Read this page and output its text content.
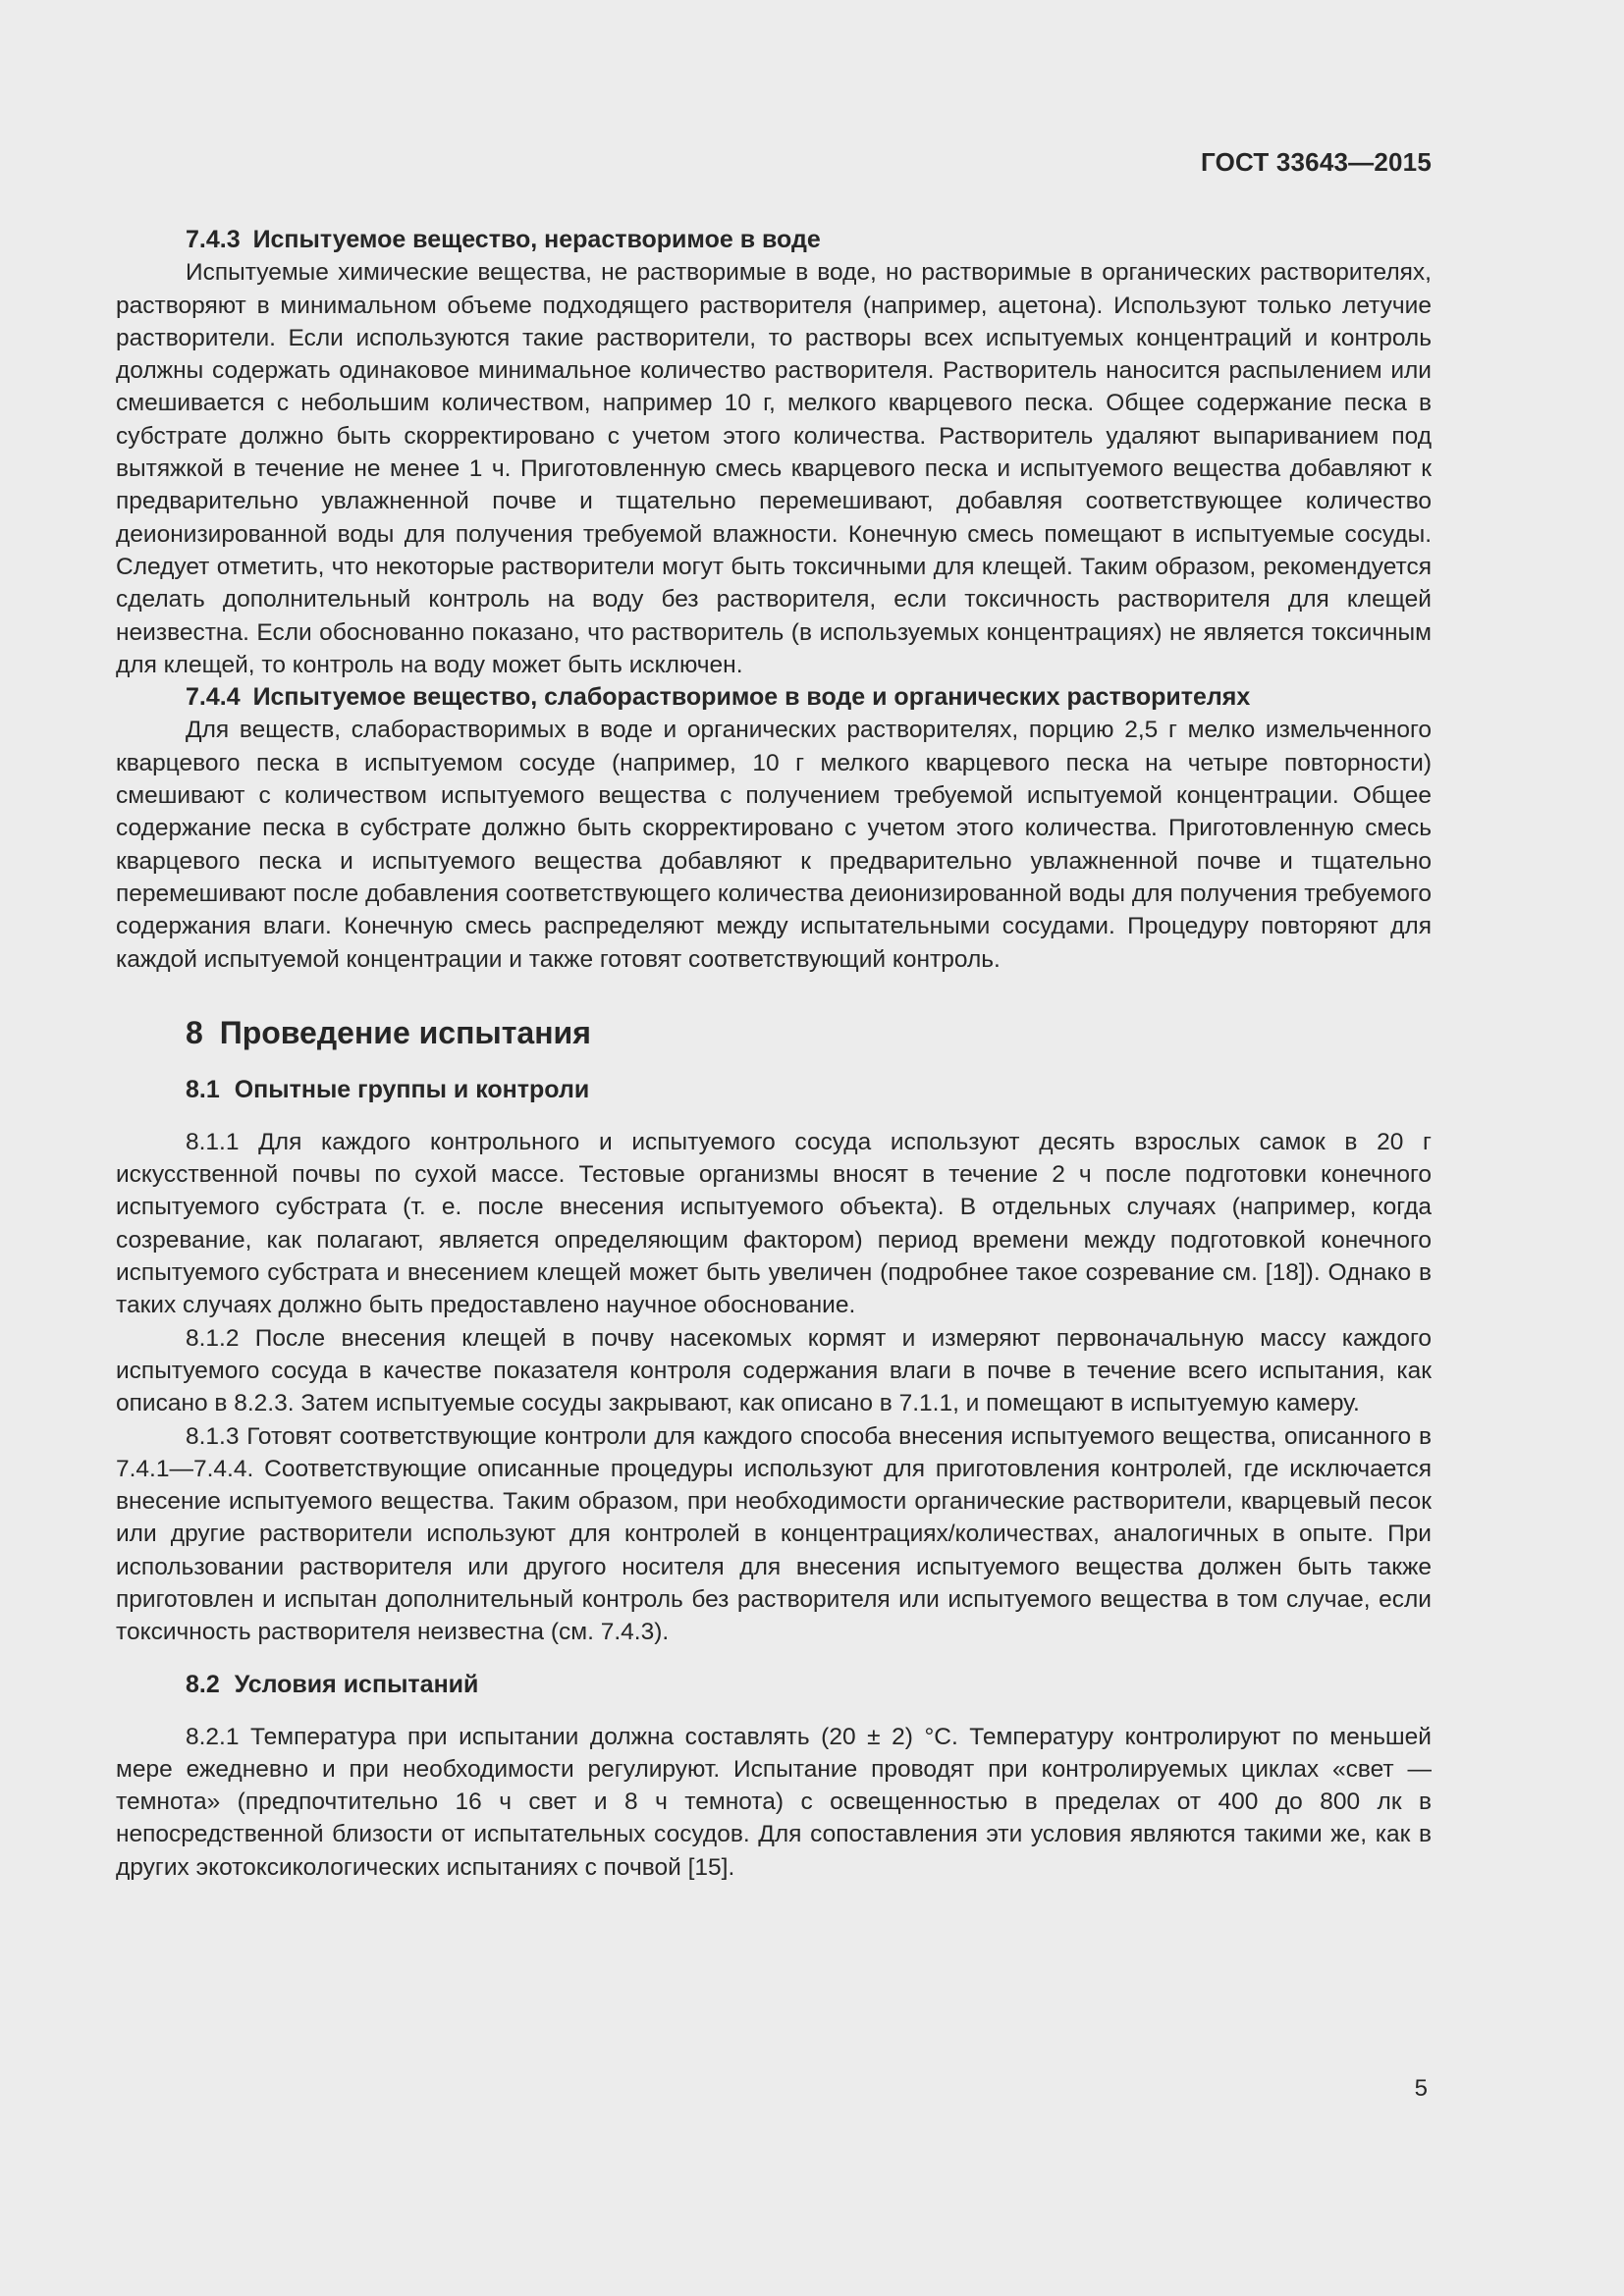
ГОСТ 33643—2015
7.4.3 Испытуемое вещество, нерастворимое в воде

Испытуемые химические вещества, не растворимые в воде, но растворимые в органических растворителях, растворяют в минимальном объеме подходящего растворителя (например, ацетона). Используют только летучие растворители. Если используются такие растворители, то растворы всех испытуемых концентраций и контроль должны содержать одинаковое минимальное количество растворителя. Растворитель наносится распылением или смешивается с небольшим количеством, например 10 г, мелкого кварцевого песка. Общее содержание песка в субстрате должно быть скорректировано с учетом этого количества. Растворитель удаляют выпариванием под вытяжкой в течение не менее 1 ч. Приготовленную смесь кварцевого песка и испытуемого вещества добавляют к предварительно увлажненной почве и тщательно перемешивают, добавляя соответствующее количество деионизированной воды для получения требуемой влажности. Конечную смесь помещают в испытуемые сосуды. Следует отметить, что некоторые растворители могут быть токсичными для клещей. Таким образом, рекомендуется сделать дополнительный контроль на воду без растворителя, если токсичность растворителя для клещей неизвестна. Если обоснованно показано, что растворитель (в используемых концентрациях) не является токсичным для клещей, то контроль на воду может быть исключен.

7.4.4 Испытуемое вещество, слаборастворимое в воде и органических растворителях

Для веществ, слаборастворимых в воде и органических растворителях, порцию 2,5 г мелко измельченного кварцевого песка в испытуемом сосуде (например, 10 г мелкого кварцевого песка на четыре повторности) смешивают с количеством испытуемого вещества с получением требуемой испытуемой концентрации. Общее содержание песка в субстрате должно быть скорректировано с учетом этого количества. Приготовленную смесь кварцевого песка и испытуемого вещества добавляют к предварительно увлажненной почве и тщательно перемешивают после добавления соответствующего количества деионизированной воды для получения требуемого содержания влаги. Конечную смесь распределяют между испытательными сосудами. Процедуру повторяют для каждой испытуемой концентрации и также готовят соответствующий контроль.

8 Проведение испытания
8.1 Опытные группы и контроли

8.1.1 Для каждого контрольного и испытуемого сосуда используют десять взрослых самок в 20 г искусственной почвы по сухой массе. Тестовые организмы вносят в течение 2 ч после подготовки конечного испытуемого субстрата (т. е. после внесения испытуемого объекта). В отдельных случаях (например, когда созревание, как полагают, является определяющим фактором) период времени между подготовкой конечного испытуемого субстрата и внесением клещей может быть увеличен (подробнее такое созревание см. [18]). Однако в таких случаях должно быть предоставлено научное обоснование.

8.1.2 После внесения клещей в почву насекомых кормят и измеряют первоначальную массу каждого испытуемого сосуда в качестве показателя контроля содержания влаги в почве в течение всего испытания, как описано в 8.2.3. Затем испытуемые сосуды закрывают, как описано в 7.1.1, и помещают в испытуемую камеру.

8.1.3 Готовят соответствующие контроли для каждого способа внесения испытуемого вещества, описанного в 7.4.1—7.4.4. Соответствующие описанные процедуры используют для приготовления контролей, где исключается внесение испытуемого вещества. Таким образом, при необходимости органические растворители, кварцевый песок или другие растворители используют для контролей в концентрациях/количествах, аналогичных в опыте. При использовании растворителя или другого носителя для внесения испытуемого вещества должен быть также приготовлен и испытан дополнительный контроль без растворителя или испытуемого вещества в том случае, если токсичность растворителя неизвестна (см. 7.4.3).

8.2 Условия испытаний

8.2.1 Температура при испытании должна составлять (20 ± 2) °С. Температуру контролируют по меньшей мере ежедневно и при необходимости регулируют. Испытание проводят при контролируемых циклах «свет — темнота» (предпочтительно 16 ч свет и 8 ч темнота) с освещенностью в пределах от 400 до 800 лк в непосредственной близости от испытательных сосудов. Для сопоставления эти условия являются такими же, как в других экотоксикологических испытаниях с почвой [15].

5
